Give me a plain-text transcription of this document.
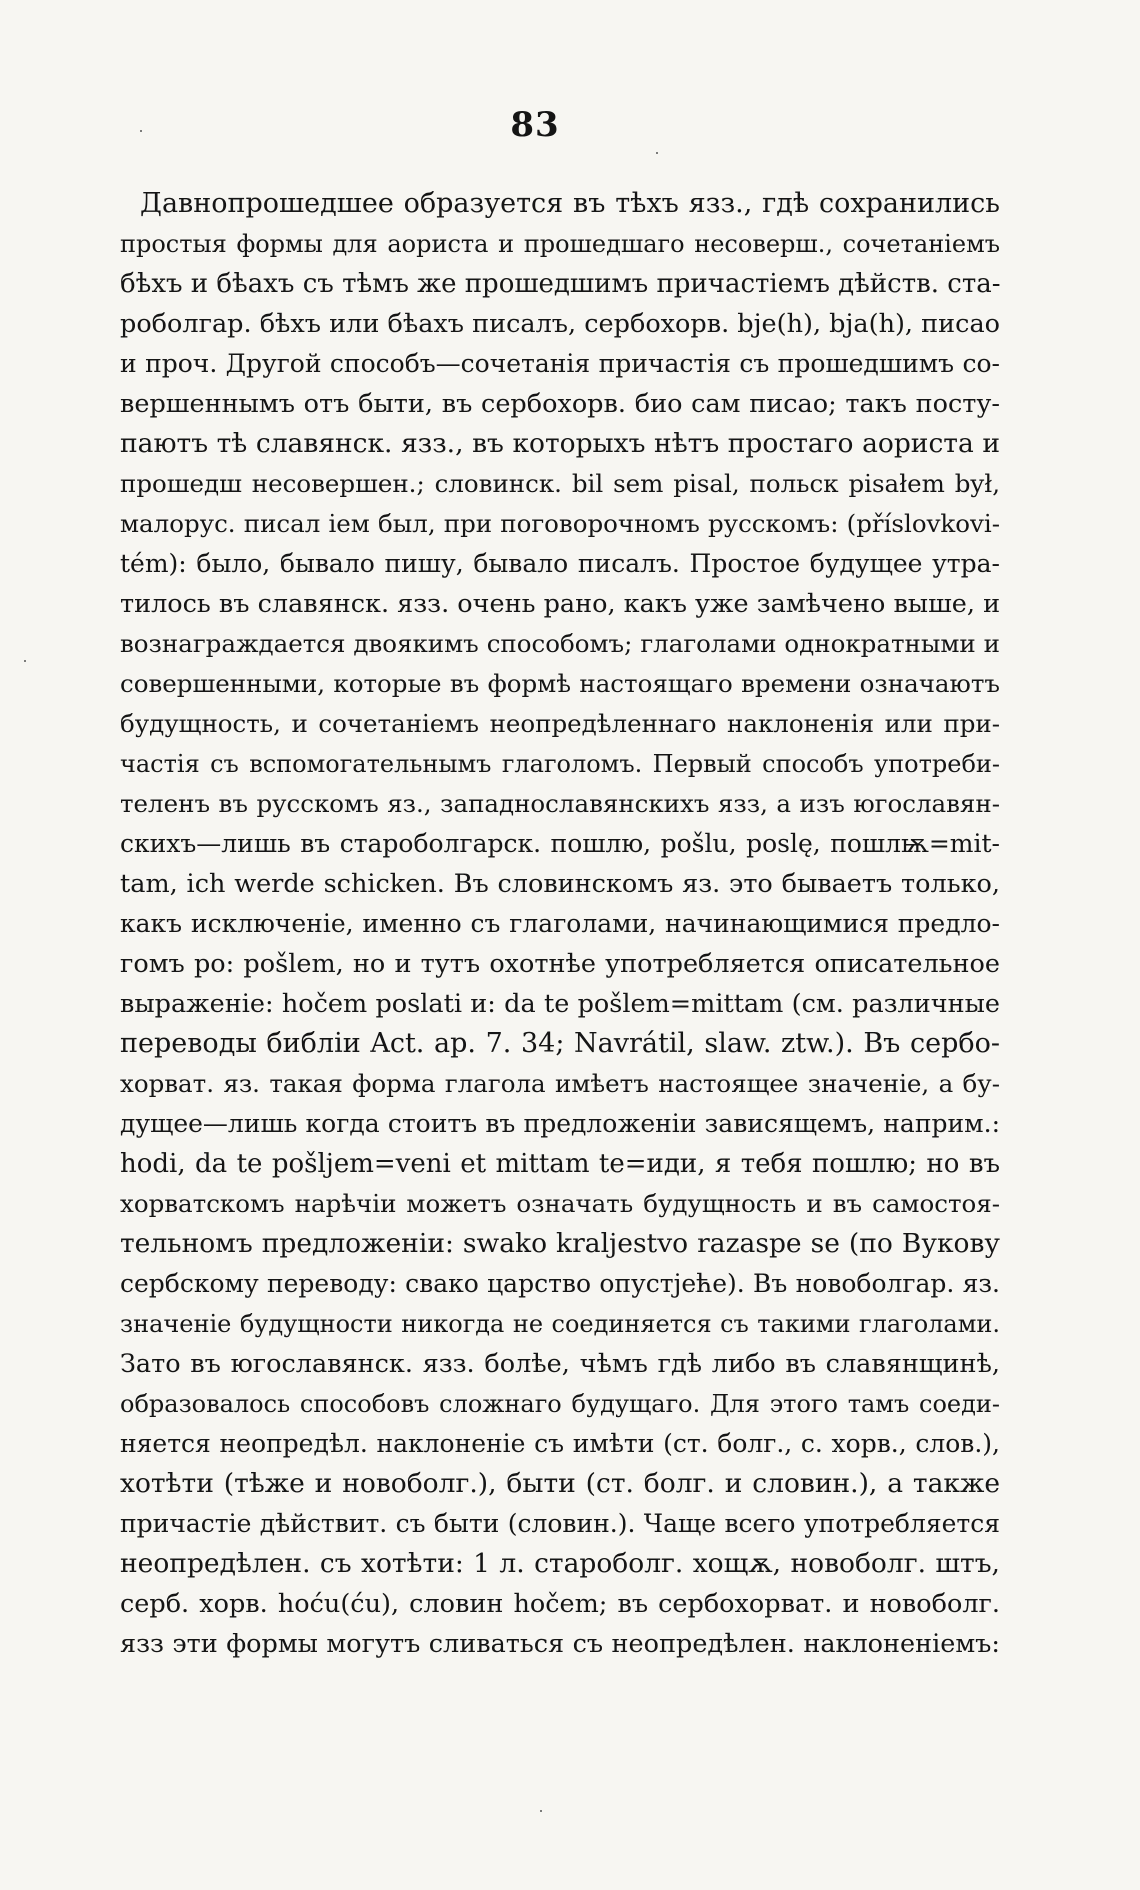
83
Давнопрошедшее образуется въ тѣхъ язз., гдѣ сохранились
простыя формы для аориста и прошедшаго несоверш., сочетаніемъ
бѣхъ и бѣахъ съ тѣмъ же прошедшимъ причастіемъ дѣйств. ста-
роболгар. бѣхъ или бѣахъ писалъ, сербохорв. bje(h), bja(h), писао
и проч. Другой способъ—сочетанія причастія съ прошедшимъ со-
вершеннымъ отъ быти, въ сербохорв. био сам писао; такъ посту-
паютъ тѣ славянск. язз., въ которыхъ нѣтъ простаго аориста и
прошедш несовершен.; словинск. bil sem pisal, польск pisałem był,
малорус. писал iем был, при поговорочномъ русскомъ: (příslovkovi-
tém): было, бывало пишу, бывало писалъ. Простое будущее утра-
тилось въ славянск. язз. очень рано, какъ уже замѣчено выше, и
вознаграждается двоякимъ способомъ; глаголами однократными и
совершенными, которые въ формѣ настоящаго времени означаютъ
будущность, и сочетаніемъ неопредѣленнаго наклоненія или при-
частія съ вспомогательнымъ глаголомъ. Первый способъ употреби-
теленъ въ русскомъ яз., западнославянскихъ язз, а изъ югославян-
скихъ—лишь въ староболгарск. пошлю, pošlu, poslę, пошлѭ=mit-
tam, ich werde schicken. Въ словинскомъ яз. это бываетъ только,
какъ исключеніе, именно съ глаголами, начинающимися предло-
гомъ po: pošlem, но и тутъ охотнѣе употребляется описательное
выраженіе: hočem poslati и: da te pošlem=mittam (см. различные
переводы библіи Act. ap. 7. 34; Navrátil, slaw. ztw.). Въ сербо-
хорват. яз. такая форма глагола имѣетъ настоящее значеніе, а бу-
дущее—лишь когда стоитъ въ предложеніи зависящемъ, наприм.:
hodi, da te pošljem=veni et mittam te=иди, я тебя пошлю; но въ
хорватскомъ нарѣчіи можетъ означать будущность и въ самостоя-
тельномъ предложеніи: swako kraljestvo razaspe se (по Вукову
сербскому переводу: свако царство опустјеће). Въ новоболгар. яз.
значеніе будущности никогда не соединяется съ такими глаголами.
Зато въ югославянск. язз. болѣе, чѣмъ гдѣ либо въ славянщинѣ,
образовалось способовъ сложнаго будущаго. Для этого тамъ соеди-
няется неопредѣл. наклоненіе съ имѣти (ст. болг., с. хорв., слов.),
хотѣти (тѣже и новоболг.), быти (ст. болг. и словин.), а также
причастіе дѣйствит. съ быти (словин.). Чаще всего употребляется
неопредѣлен. съ хотѣти: 1 л. староболг. хощѫ, новоболг. штъ,
серб. хорв. hoću(ću), словин hočem; въ сербохорват. и новоболг.
язз эти формы могутъ сливаться съ неопредѣлен. наклоненіемъ:
